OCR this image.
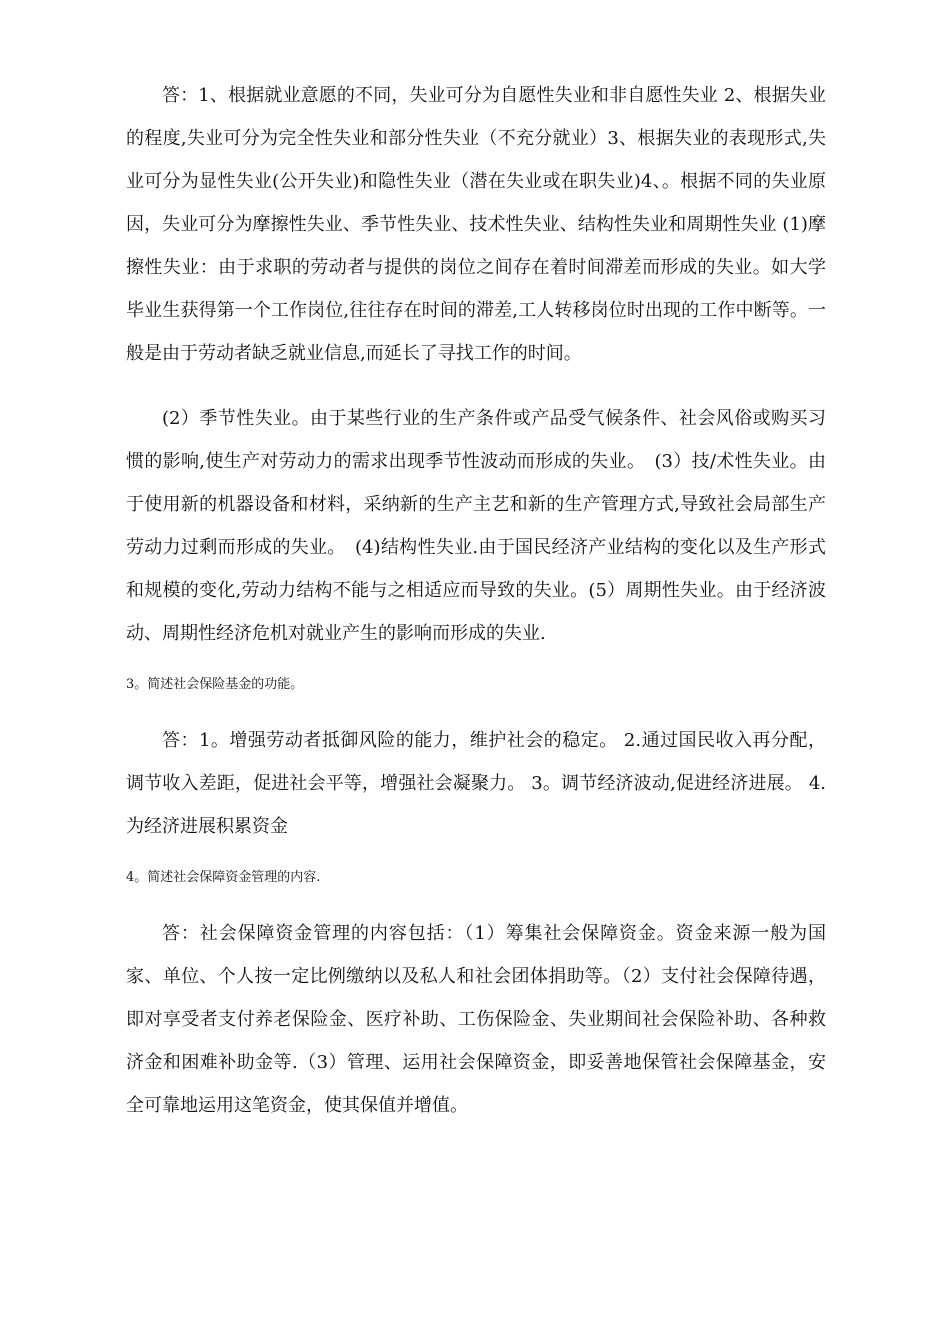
答：1、根据就业意愿的不同，失业可分为自愿性失业和非自愿性失业 2、根据失业的程度,失业可分为完全性失业和部分性失业（不充分就业）3、根据失业的表现形式,失业可分为显性失业(公开失业)和隐性失业（潜在失业或在职失业)4、。根据不同的失业原因，失业可分为摩擦性失业、季节性失业、技术性失业、结构性失业和周期性失业 (1)摩擦性失业：由于求职的劳动者与提供的岗位之间存在着时间滞差而形成的失业。如大学毕业生获得第一个工作岗位,往往存在时间的滞差,工人转移岗位时出现的工作中断等。一般是由于劳动者缺乏就业信息,而延长了寻找工作的时间。

(2）季节性失业。由于某些行业的生产条件或产品受气候条件、社会风俗或购买习惯的影响,使生产对劳动力的需求出现季节性波动而形成的失业。　(3）技/术性失业。由于使用新的机器设备和材料，采纳新的生产主艺和新的生产管理方式,导致社会局部生产劳动力过剩而形成的失业。　(4)结构性失业.由于国民经济产业结构的变化以及生产形式和规模的变化,劳动力结构不能与之相适应而导致的失业。(5）周期性失业。由于经济波动、周期性经济危机对就业产生的影响而形成的失业.

3。简述社会保险基金的功能。

答：1。增强劳动者抵御风险的能力，维护社会的稳定。 2.通过国民收入再分配，调节收入差距，促进社会平等，增强社会凝聚力。 3。调节经济波动,促进经济进展。 4.为经济进展积累资金

4。简述社会保障资金管理的内容.

答：社会保障资金管理的内容包括：（1）筹集社会保障资金。资金来源一般为国家、单位、个人按一定比例缴纳以及私人和社会团体捐助等。（2）支付社会保障待遇，即对享受者支付养老保险金、医疗补助、工伤保险金、失业期间社会保险补助、各种救济金和困难补助金等.（3）管理、运用社会保障资金，即妥善地保管社会保障基金，安全可靠地运用这笔资金，使其保值并增值。
